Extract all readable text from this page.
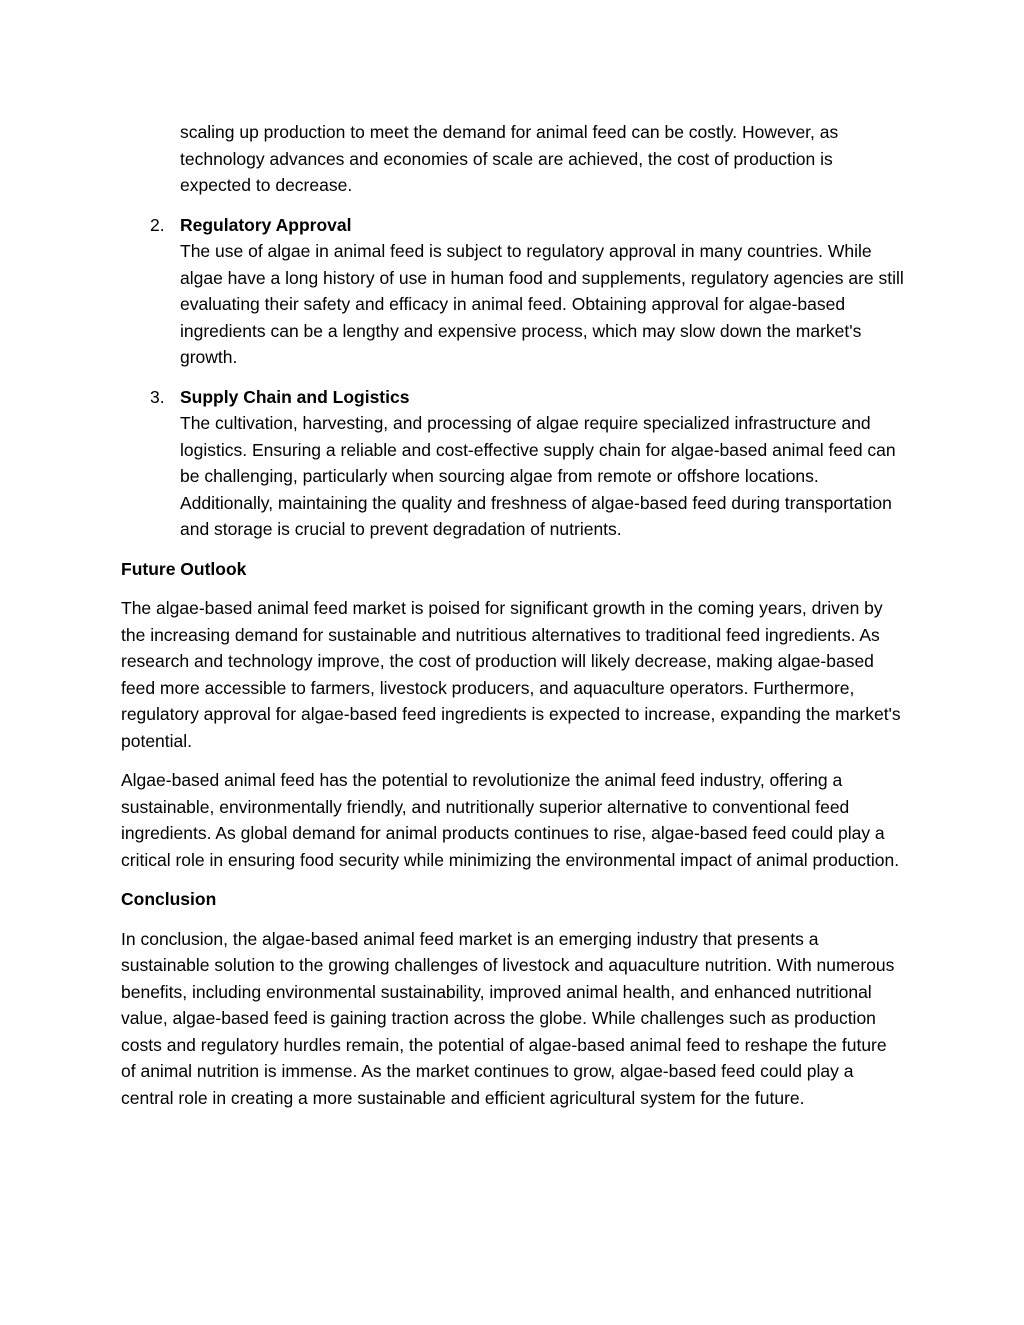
scaling up production to meet the demand for animal feed can be costly. However, as technology advances and economies of scale are achieved, the cost of production is expected to decrease.

2. Regulatory Approval
The use of algae in animal feed is subject to regulatory approval in many countries. While algae have a long history of use in human food and supplements, regulatory agencies are still evaluating their safety and efficacy in animal feed. Obtaining approval for algae-based ingredients can be a lengthy and expensive process, which may slow down the market's growth.
3. Supply Chain and Logistics
The cultivation, harvesting, and processing of algae require specialized infrastructure and logistics. Ensuring a reliable and cost-effective supply chain for algae-based animal feed can be challenging, particularly when sourcing algae from remote or offshore locations. Additionally, maintaining the quality and freshness of algae-based feed during transportation and storage is crucial to prevent degradation of nutrients.

Future Outlook

The algae-based animal feed market is poised for significant growth in the coming years, driven by the increasing demand for sustainable and nutritious alternatives to traditional feed ingredients. As research and technology improve, the cost of production will likely decrease, making algae-based feed more accessible to farmers, livestock producers, and aquaculture operators. Furthermore, regulatory approval for algae-based feed ingredients is expected to increase, expanding the market's potential.

Algae-based animal feed has the potential to revolutionize the animal feed industry, offering a sustainable, environmentally friendly, and nutritionally superior alternative to conventional feed ingredients. As global demand for animal products continues to rise, algae-based feed could play a critical role in ensuring food security while minimizing the environmental impact of animal production.

Conclusion

In conclusion, the algae-based animal feed market is an emerging industry that presents a sustainable solution to the growing challenges of livestock and aquaculture nutrition. With numerous benefits, including environmental sustainability, improved animal health, and enhanced nutritional value, algae-based feed is gaining traction across the globe. While challenges such as production costs and regulatory hurdles remain, the potential of algae-based animal feed to reshape the future of animal nutrition is immense. As the market continues to grow, algae-based feed could play a central role in creating a more sustainable and efficient agricultural system for the future.
